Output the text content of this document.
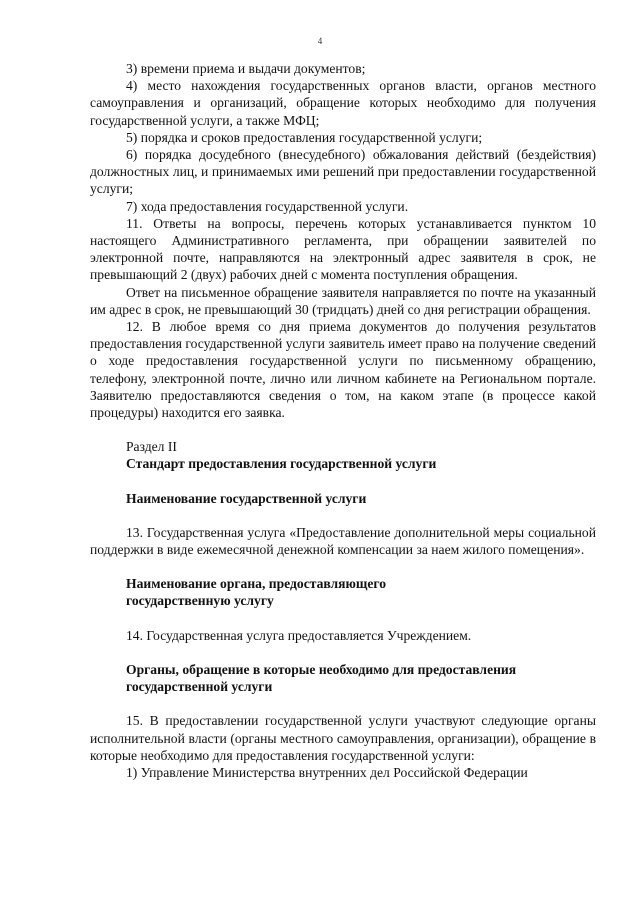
4

3) времени приема и выдачи документов;

4) место нахождения государственных органов власти, органов местного самоуправления и организаций, обращение которых необходимо для получения государственной услуги, а также МФЦ;

5) порядка и сроков предоставления государственной услуги;

6) порядка досудебного (внесудебного) обжалования действий (бездействия) должностных лиц, и принимаемых ими решений при предоставлении государственной услуги;

7) хода предоставления государственной услуги.

11. Ответы на вопросы, перечень которых устанавливается пунктом 10 настоящего Административного регламента, при обращении заявителей по электронной почте, направляются на электронный адрес заявителя в срок, не превышающий 2 (двух) рабочих дней с момента поступления обращения.

Ответ на письменное обращение заявителя направляется по почте на указанный им адрес в срок, не превышающий 30 (тридцать) дней со дня регистрации обращения.

12. В любое время со дня приема документов до получения результатов предоставления государственной услуги заявитель имеет право на получение сведений о ходе предоставления государственной услуги по письменному обращению, телефону, электронной почте, лично или личном кабинете на Региональном портале. Заявителю предоставляются сведения о том, на каком этапе (в процессе какой процедуры) находится его заявка.

Раздел II

Стандарт предоставления государственной услуги

Наименование государственной услуги

13. Государственная услуга «Предоставление дополнительной меры социальной поддержки в виде ежемесячной денежной компенсации за наем жилого помещения».

Наименование органа, предоставляющего

государственную услугу

14. Государственная услуга предоставляется Учреждением.

Органы, обращение в которые необходимо для предоставления

государственной услуги

15. В предоставлении государственной услуги участвуют следующие органы исполнительной власти (органы местного самоуправления, организации), обращение в которые необходимо для предоставления государственной услуги:

1) Управление Министерства внутренних дел Российской Федерации
